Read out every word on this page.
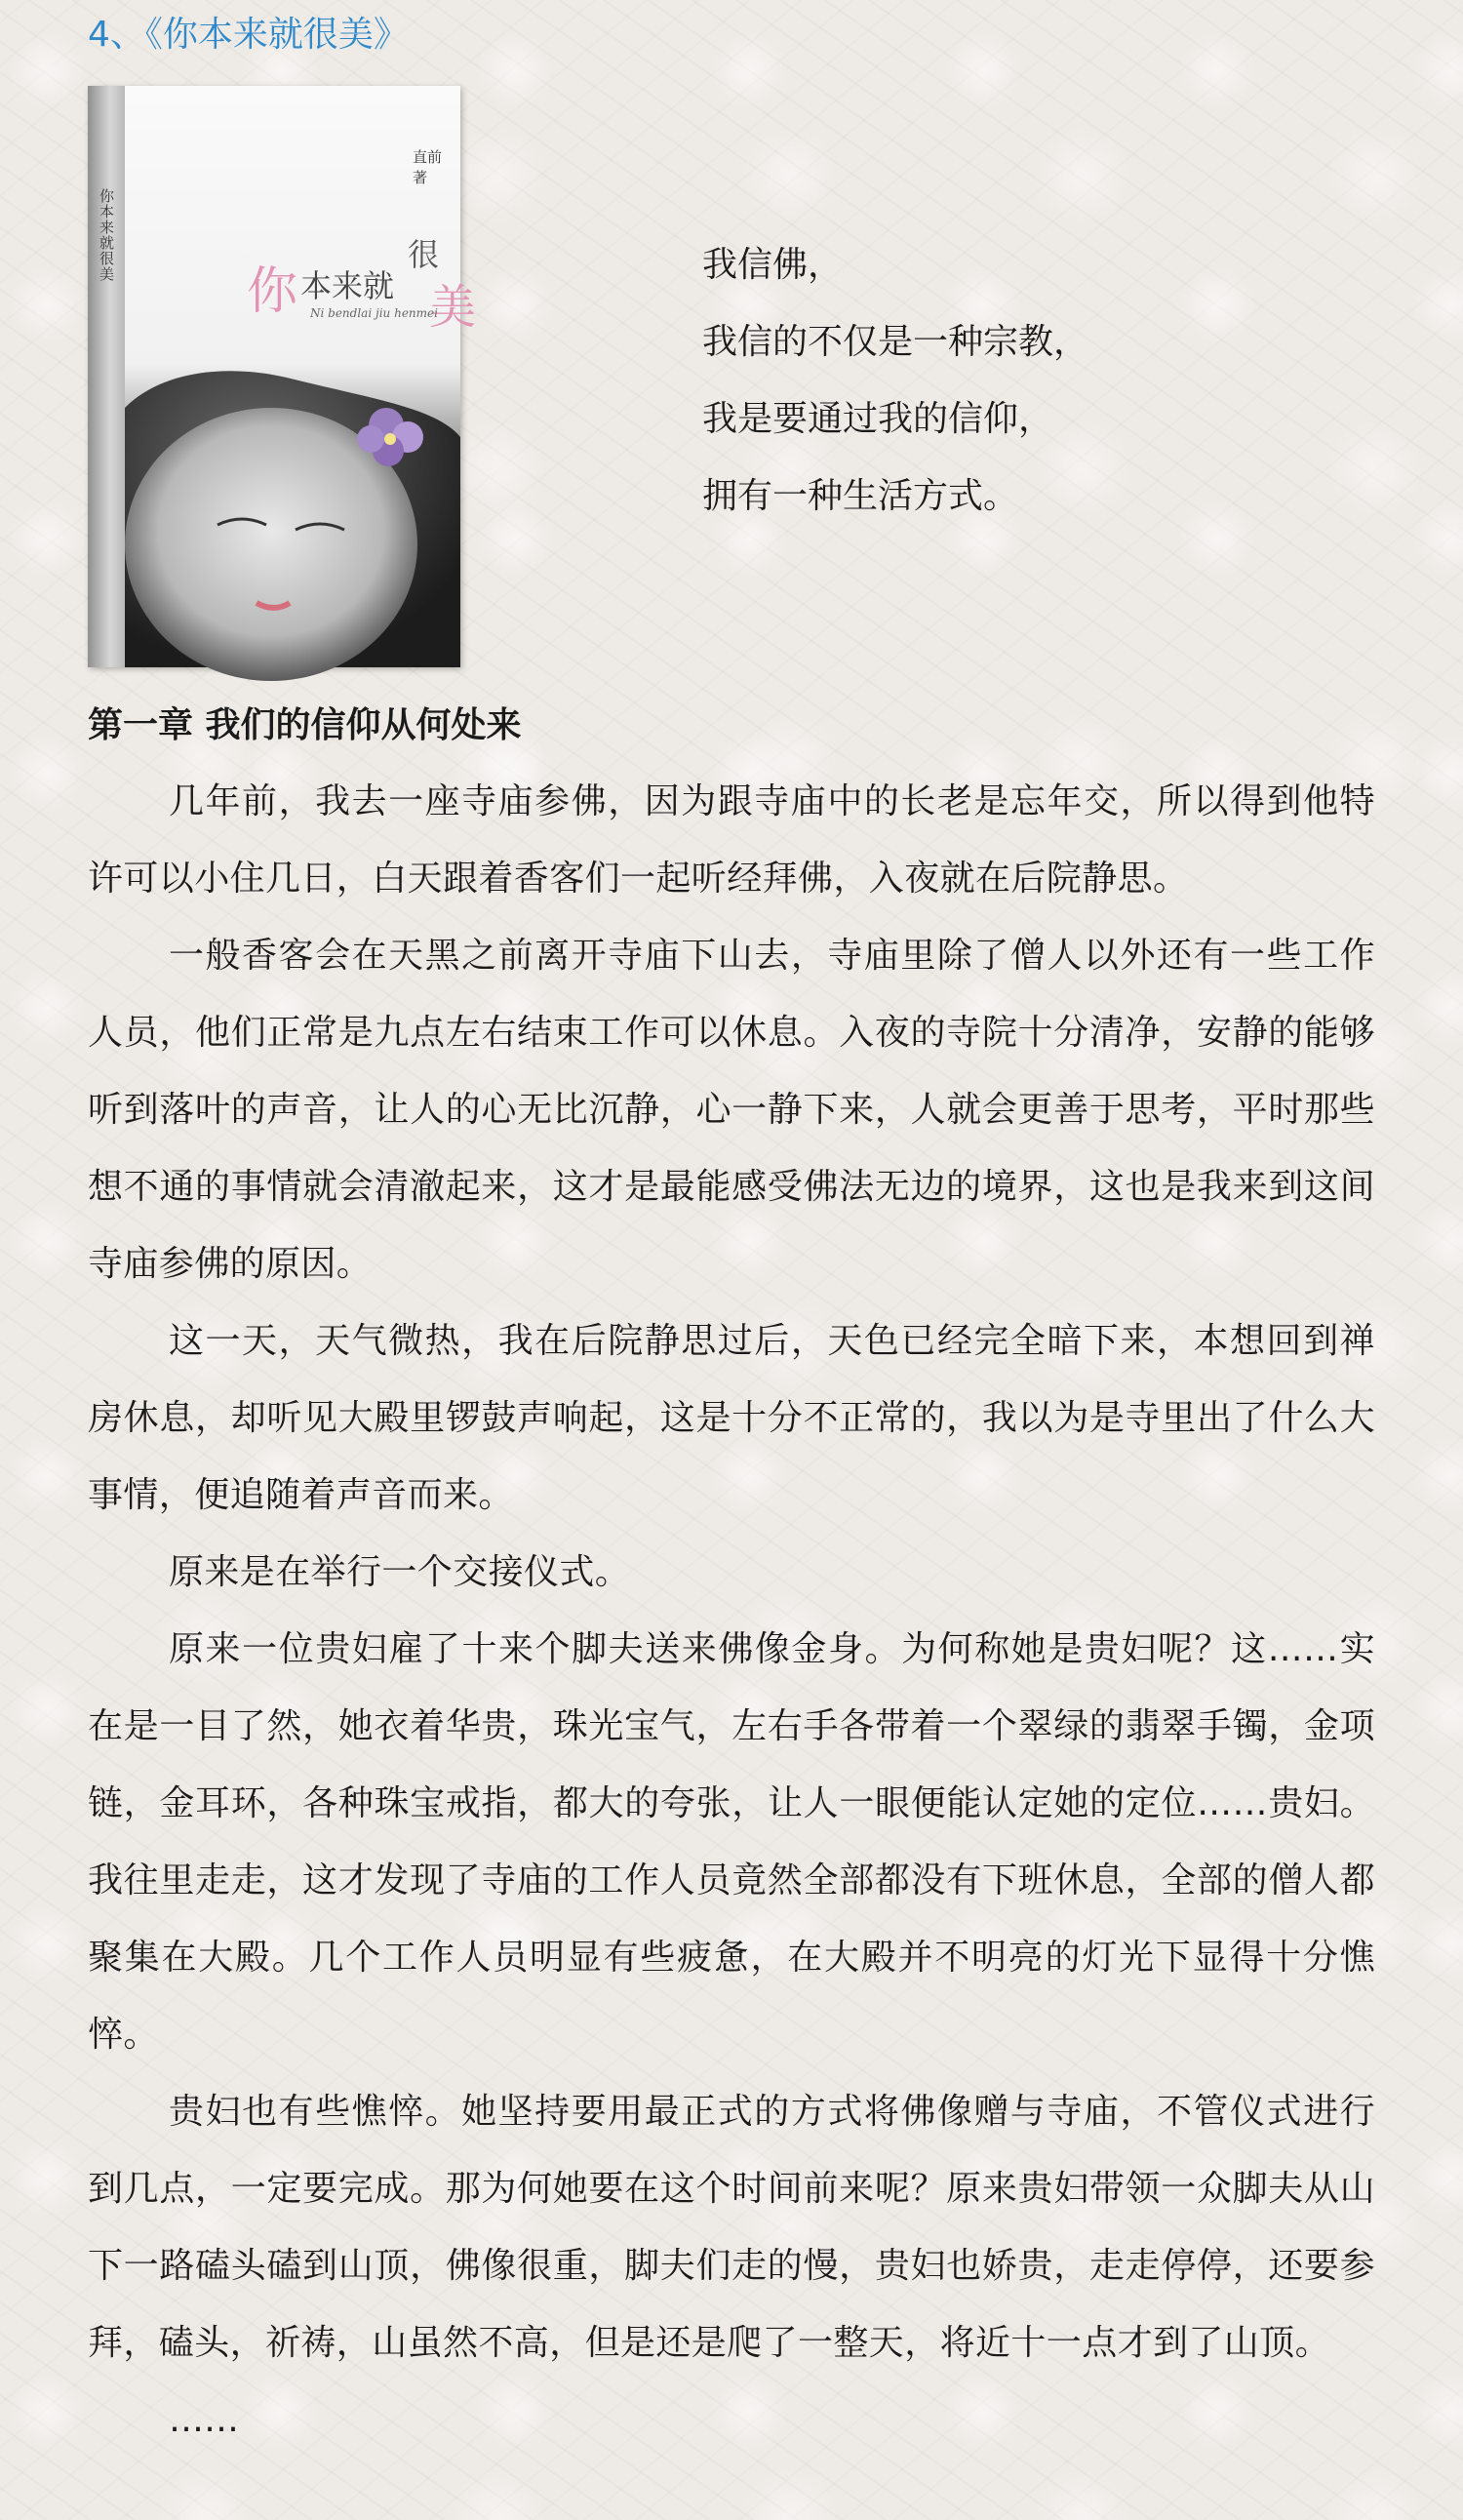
4、《你本来就很美》
你本来就很美
直前 著
你 本来就
很
美
Ni bendlai jiu henmei
我信佛，
我信的不仅是一种宗教，
我是要通过我的信仰，
拥有一种生活方式。
第一章 我们的信仰从何处来

几年前，我去一座寺庙参佛，因为跟寺庙中的长老是忘年交，所以得到他特许可以小住几日，白天跟着香客们一起听经拜佛，入夜就在后院静思。

一般香客会在天黑之前离开寺庙下山去，寺庙里除了僧人以外还有一些工作人员，他们正常是九点左右结束工作可以休息。入夜的寺院十分清净，安静的能够听到落叶的声音，让人的心无比沉静，心一静下来，人就会更善于思考，平时那些想不通的事情就会清澈起来，这才是最能感受佛法无边的境界，这也是我来到这间寺庙参佛的原因。

这一天，天气微热，我在后院静思过后，天色已经完全暗下来，本想回到禅房休息，却听见大殿里锣鼓声响起，这是十分不正常的，我以为是寺里出了什么大事情，便追随着声音而来。

原来是在举行一个交接仪式。

原来一位贵妇雇了十来个脚夫送来佛像金身。为何称她是贵妇呢？这……实在是一目了然，她衣着华贵，珠光宝气，左右手各带着一个翠绿的翡翠手镯，金项链，金耳环，各种珠宝戒指，都大的夸张，让人一眼便能认定她的定位……贵妇。我往里走走，这才发现了寺庙的工作人员竟然全部都没有下班休息，全部的僧人都聚集在大殿。几个工作人员明显有些疲惫，在大殿并不明亮的灯光下显得十分憔悴。

贵妇也有些憔悴。她坚持要用最正式的方式将佛像赠与寺庙，不管仪式进行到几点，一定要完成。那为何她要在这个时间前来呢？原来贵妇带领一众脚夫从山下一路磕头磕到山顶，佛像很重，脚夫们走的慢，贵妇也娇贵，走走停停，还要参拜，磕头，祈祷，山虽然不高，但是还是爬了一整天，将近十一点才到了山顶。

……
